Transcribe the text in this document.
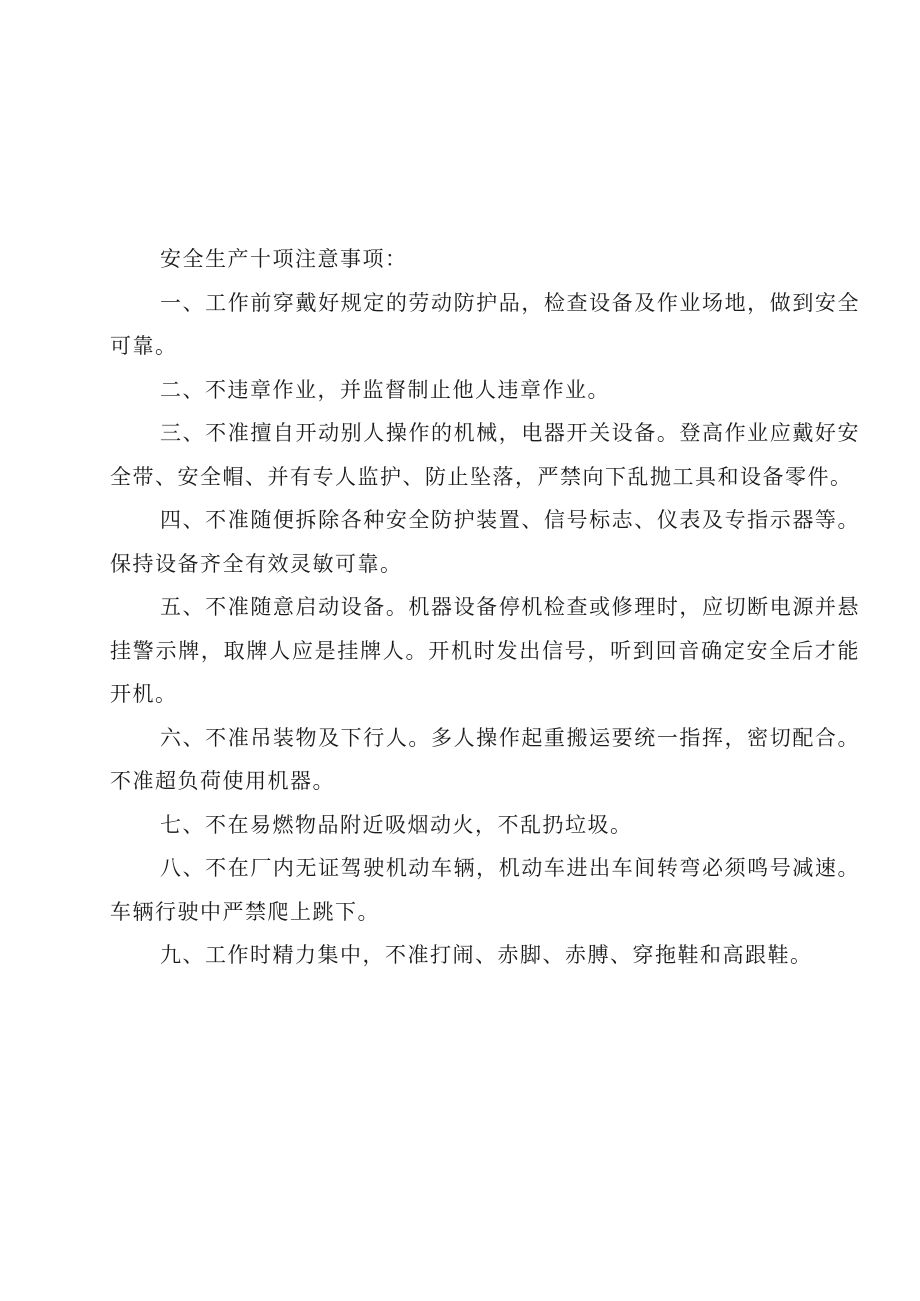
安全生产十项注意事项：

一、工作前穿戴好规定的劳动防护品，检查设备及作业场地，做到安全可靠。

二、不违章作业，并监督制止他人违章作业。

三、不准擅自开动别人操作的机械，电器开关设备。登高作业应戴好安全带、安全帽、并有专人监护、防止坠落，严禁向下乱抛工具和设备零件。

四、不准随便拆除各种安全防护装置、信号标志、仪表及专指示器等。保持设备齐全有效灵敏可靠。

五、不准随意启动设备。机器设备停机检查或修理时，应切断电源并悬挂警示牌，取牌人应是挂牌人。开机时发出信号，听到回音确定安全后才能开机。

六、不准吊装物及下行人。多人操作起重搬运要统一指挥，密切配合。不准超负荷使用机器。

七、不在易燃物品附近吸烟动火，不乱扔垃圾。

八、不在厂内无证驾驶机动车辆，机动车进出车间转弯必须鸣号减速。车辆行驶中严禁爬上跳下。

九、工作时精力集中，不准打闹、赤脚、赤膊、穿拖鞋和高跟鞋。
